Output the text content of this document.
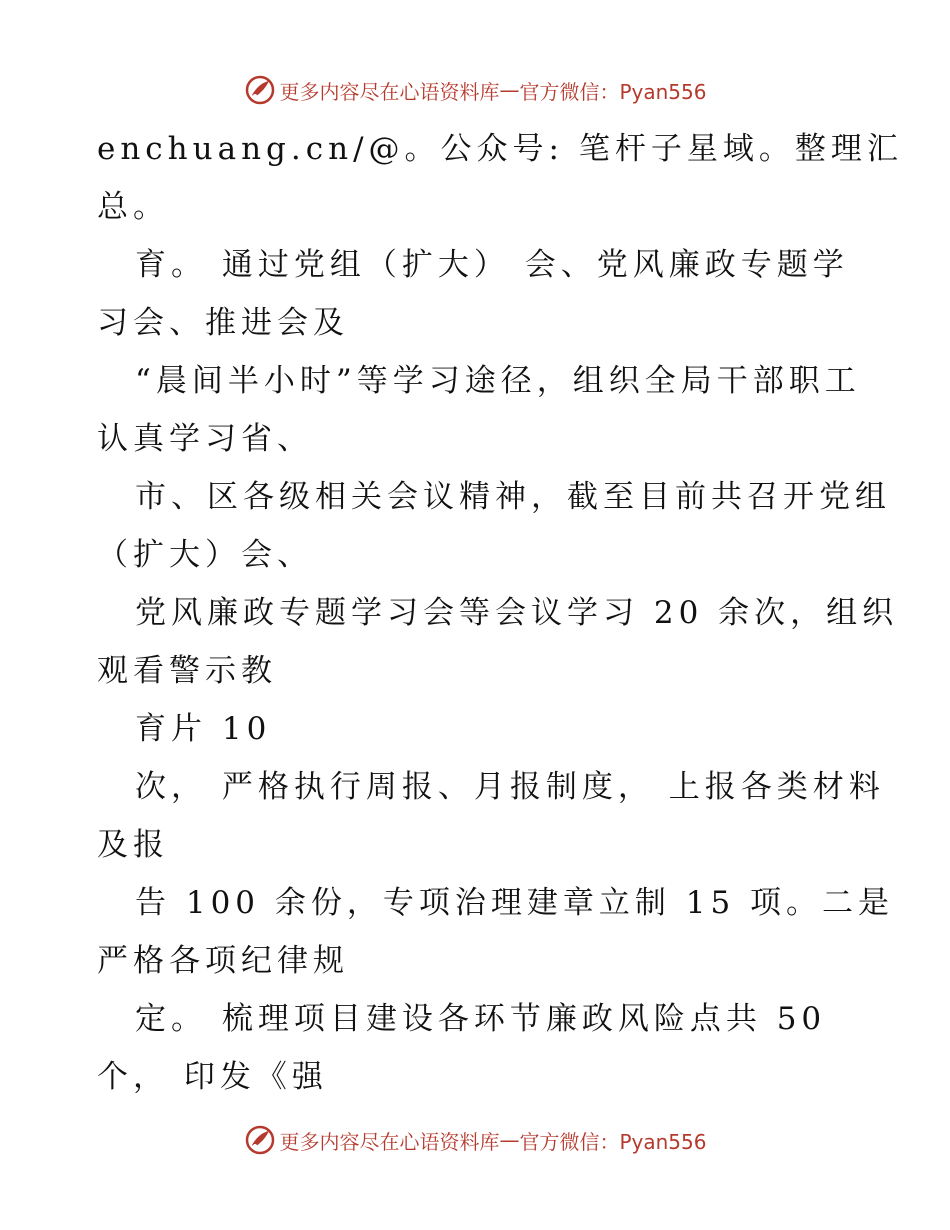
更多内容尽在心语资料库 — 官方微信：Pyan556
enchuang.cn/@。公众号: 笔杆子星域。整理汇
总。
育。 通过党组（扩大） 会、党风廉政专题学
习会、推进会及
“晨间半小时”等学习途径，组织全局干部职工
认真学习省、
市、区各级相关会议精神，截至目前共召开党组
（扩大）会、
党风廉政专题学习会等会议学习 20 余次，组织
观看警示教
育片 10
次， 严格执行周报、月报制度， 上报各类材料
及报
告 100 余份，专项治理建章立制 15 项。二是
严格各项纪律规
定。 梳理项目建设各环节廉政风险点共 50
个， 印发《强
更多内容尽在心语资料库 — 官方微信：Pyan556
